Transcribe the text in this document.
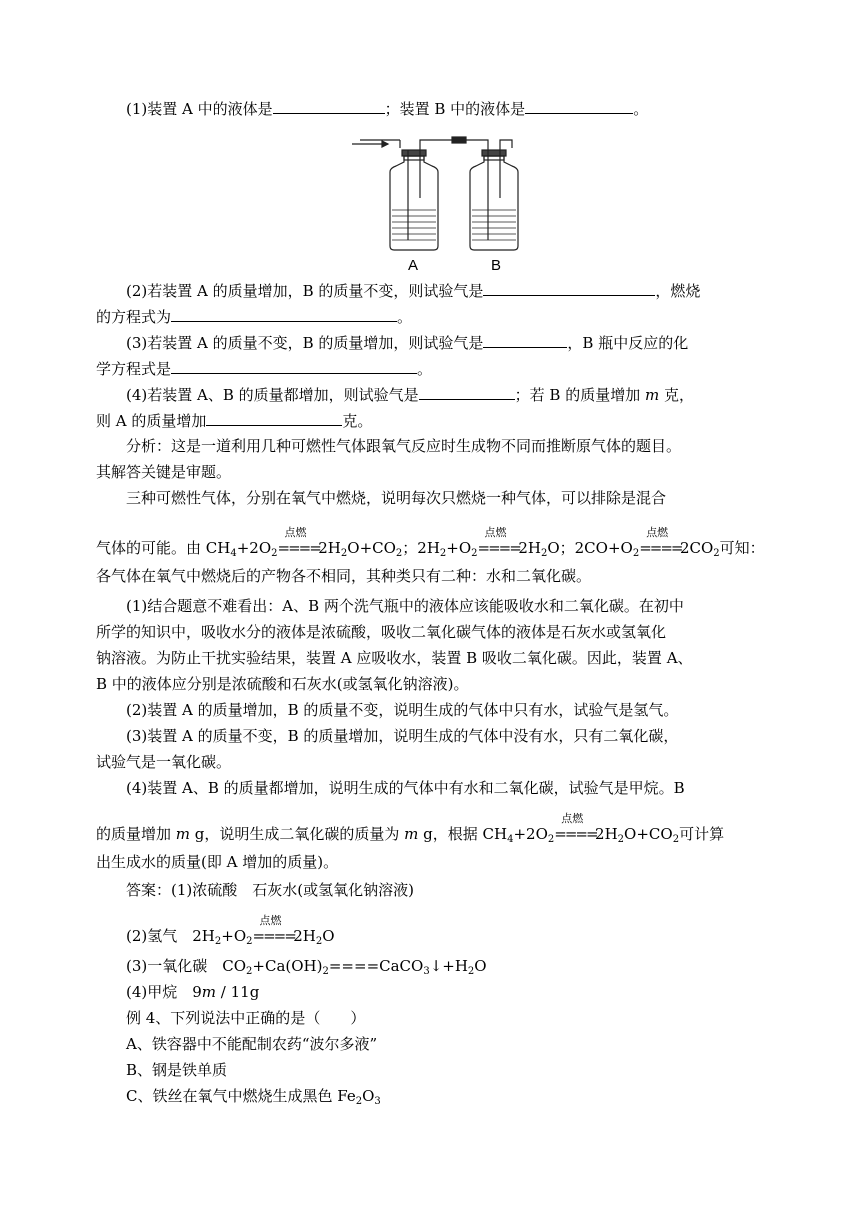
(1)装置 A 中的液体是	；装置 B 中的液体是	。
A	B
(2)若装置 A 的质量增加，B 的质量不变，则试验气是	，燃烧
的方程式为	。
(3)若装置 A 的质量不变，B 的质量增加，则试验气是	，B 瓶中反应的化
学方程式是	。
(4)若装置 A、B 的质量都增加，则试验气是	；若 B 的质量增加 m 克，
则 A 的质量增加	克。
分析：这是一道利用几种可燃性气体跟氧气反应时生成物不同而推断原气体的题目。
其解答关键是审题。
三种可燃性气体，分别在氧气中燃烧，说明每次只燃烧一种气体，可以排除是混合
气体的可能。由 $CH_4+2O_2$
点燃
==== $2H_2O+CO_2$；$2H_2+O_2$
点燃
==== $2H_2O$；$2CO+O_2$
点燃
==== $2CO_2$可知：
各气体在氧气中燃烧后的产物各不相同，其种类只有二种：水和二氧化碳。
(1)结合题意不难看出：A、B 两个洗气瓶中的液体应该能吸收水和二氧化碳。在初中
所学的知识中，吸收水分的液体是浓硫酸，吸收二氧化碳气体的液体是石灰水或氢氧化
钠溶液。为防止干扰实验结果，装置 A 应吸收水，装置 B 吸收二氧化碳。因此，装置 A、
B 中的液体应分别是浓硫酸和石灰水(或氢氧化钠溶液)。
(2)装置 A 的质量增加，B 的质量不变，说明生成的气体中只有水，试验气是氢气。
(3)装置 A 的质量不变，B 的质量增加，说明生成的气体中没有水，只有二氧化碳，
试验气是一氧化碳。
(4)装置 A、B 的质量都增加，说明生成的气体中有水和二氧化碳，试验气是甲烷。B
的质量增加 m g，说明生成二氧化碳的质量为 m g，根据 $CH_4+2O_2$
点燃
==== $2H_2O+CO_2$可计算
出生成水的质量(即 A 增加的质量)。
答案：(1)浓硫酸　石灰水(或氢氧化钠溶液)
(2)氢气　$2H_2+O_2$
点燃
==== $2H_2O$
(3)一氧化碳　$CO_2+Ca(OH)_2====CaCO_3↓+H_2O$
(4)甲烷　9m / 11g
例 4、下列说法中正确的是（　　）
A、铁容器中不能配制农药“波尔多液”
B、钢是铁单质
C、铁丝在氧气中燃烧生成黑色 $Fe_2O_3$
